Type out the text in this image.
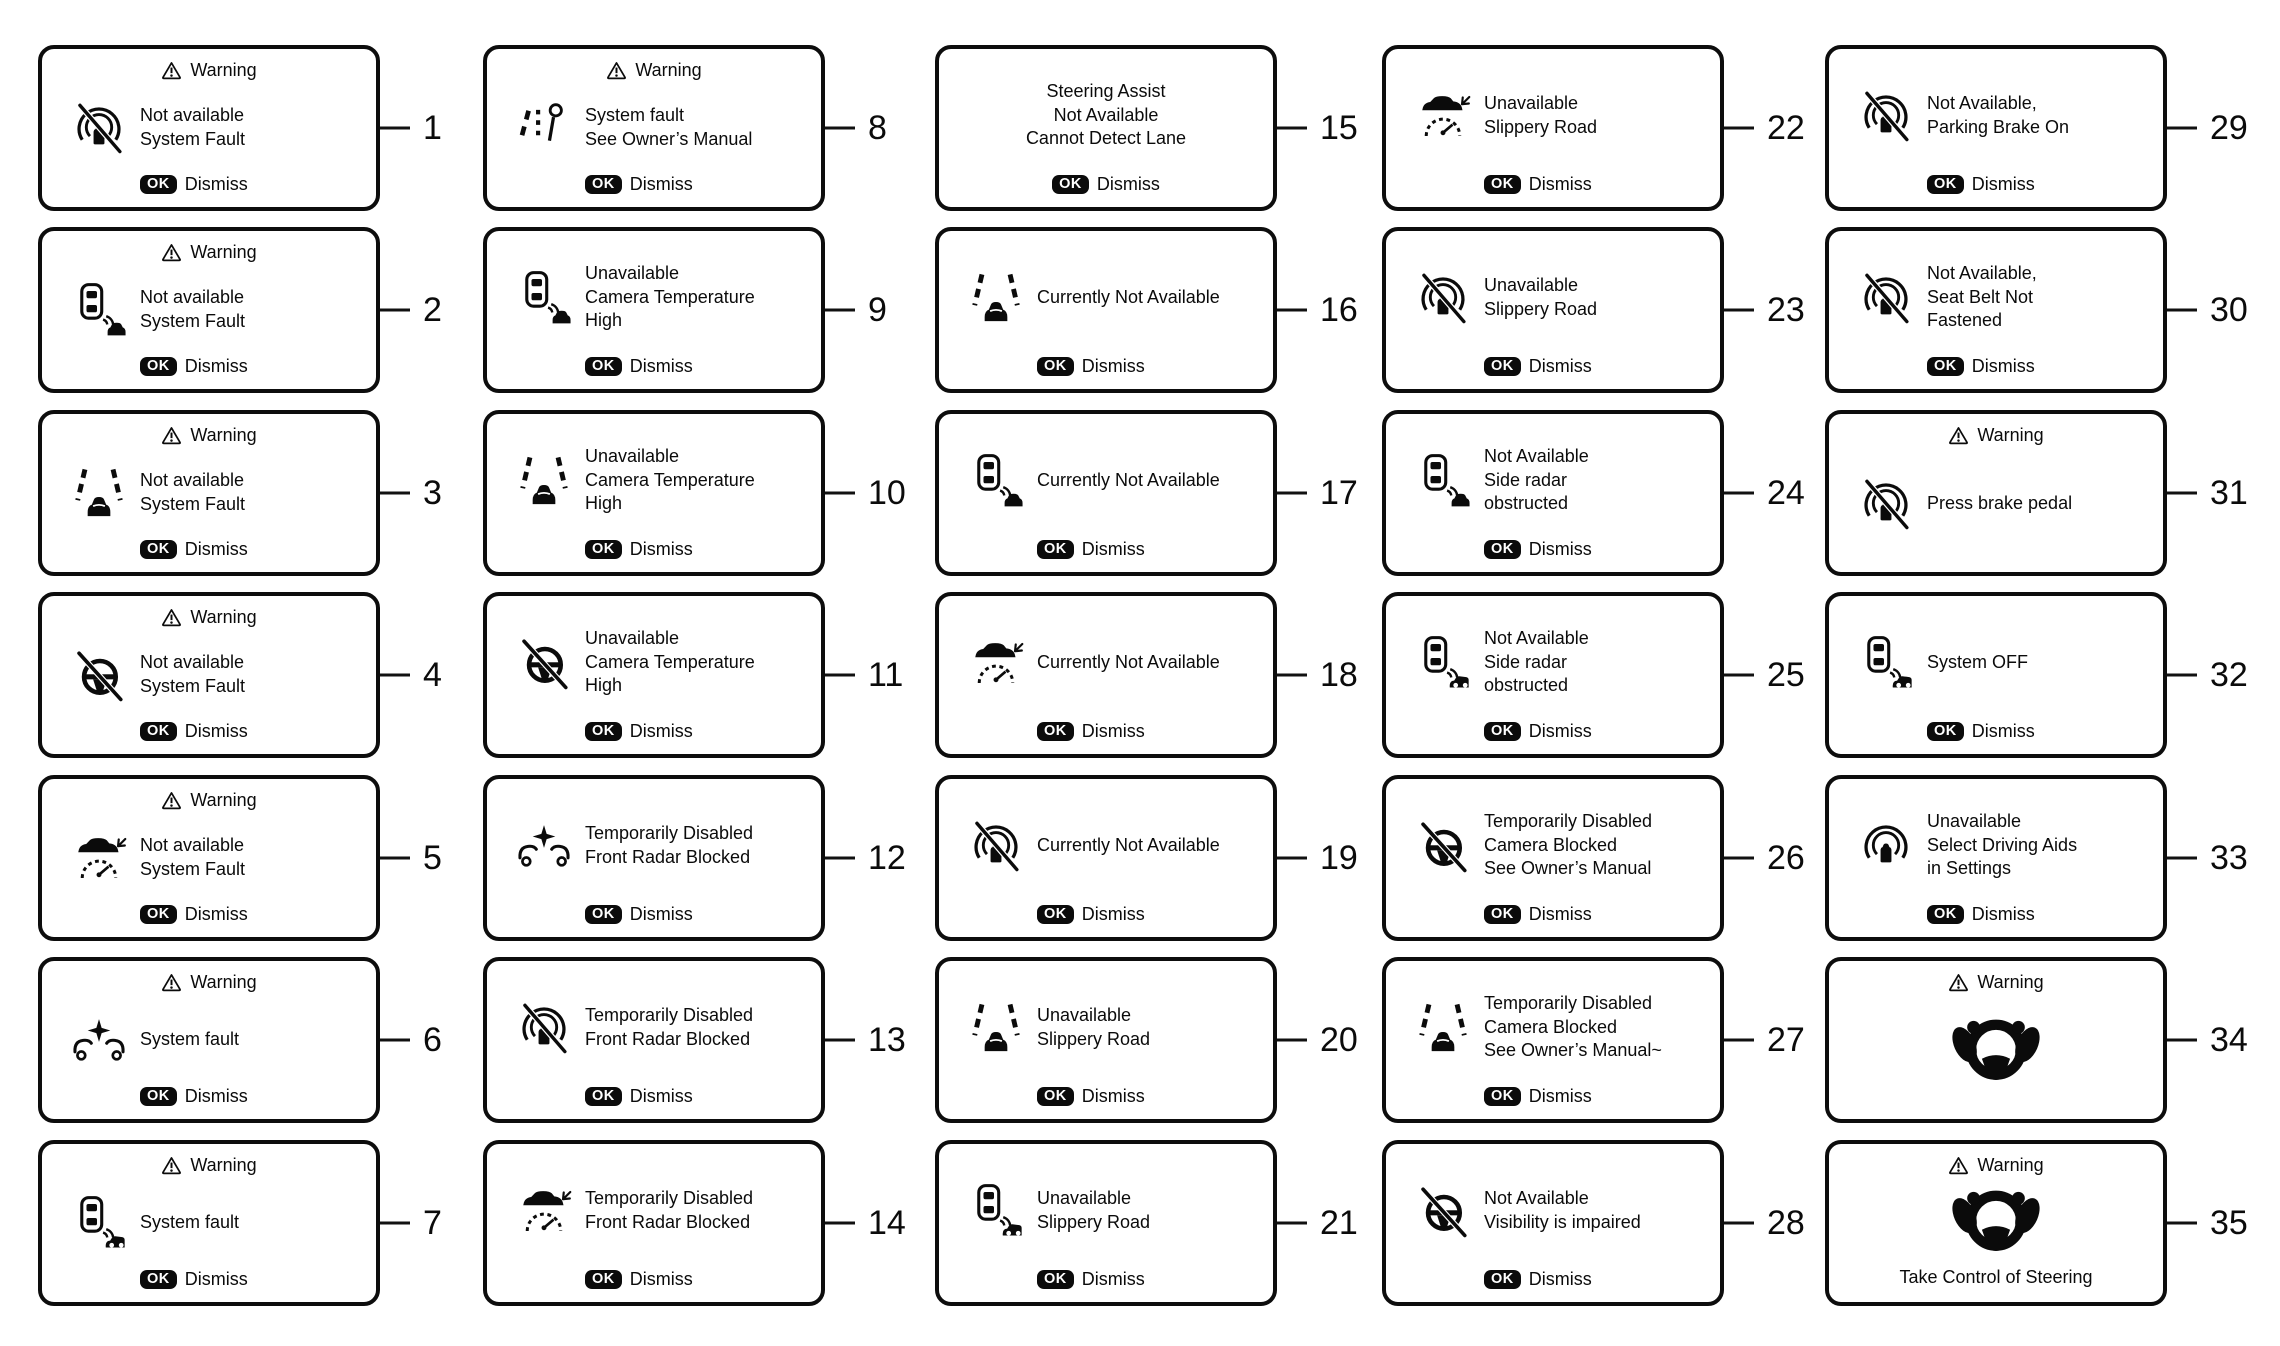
Warning
Not available
System Fault
OK Dismiss
1
Warning
Not available
System Fault
OK Dismiss
2
Warning
Not available
System Fault
OK Dismiss
3
Warning
Not available
System Fault
OK Dismiss
4
Warning
Not available
System Fault
OK Dismiss
5
Warning
System fault
OK Dismiss
6
Warning
System fault
OK Dismiss
7
Warning
System fault
See Owner’s Manual
OK Dismiss
8
Unavailable
Camera Temperature
High
OK Dismiss
9
Unavailable
Camera Temperature
High
OK Dismiss
10
Unavailable
Camera Temperature
High
OK Dismiss
11
Temporarily Disabled
Front Radar Blocked
OK Dismiss
12
Temporarily Disabled
Front Radar Blocked
OK Dismiss
13
Temporarily Disabled
Front Radar Blocked
OK Dismiss
14
Steering Assist
Not Available
Cannot Detect Lane
OK Dismiss
15
Currently Not Available
OK Dismiss
16
Currently Not Available
OK Dismiss
17
Currently Not Available
OK Dismiss
18
Currently Not Available
OK Dismiss
19
Unavailable
Slippery Road
OK Dismiss
20
Unavailable
Slippery Road
OK Dismiss
21
Unavailable
Slippery Road
OK Dismiss
22
Unavailable
Slippery Road
OK Dismiss
23
Not Available
Side radar
obstructed
OK Dismiss
24
Not Available
Side radar
obstructed
OK Dismiss
25
Temporarily Disabled
Camera Blocked
See Owner’s Manual
OK Dismiss
26
Temporarily Disabled
Camera Blocked
See Owner’s Manual~
OK Dismiss
27
Not Available
Visibility is impaired
OK Dismiss
28
Not Available,
Parking Brake On
OK Dismiss
29
Not Available,
Seat Belt Not
Fastened
OK Dismiss
30
Warning
Press brake pedal	31
System OFF
OK Dismiss
32
Unavailable
Select Driving Aids
in Settings
OK Dismiss
33
Warning
34
Warning
Take Control of Steering
35
